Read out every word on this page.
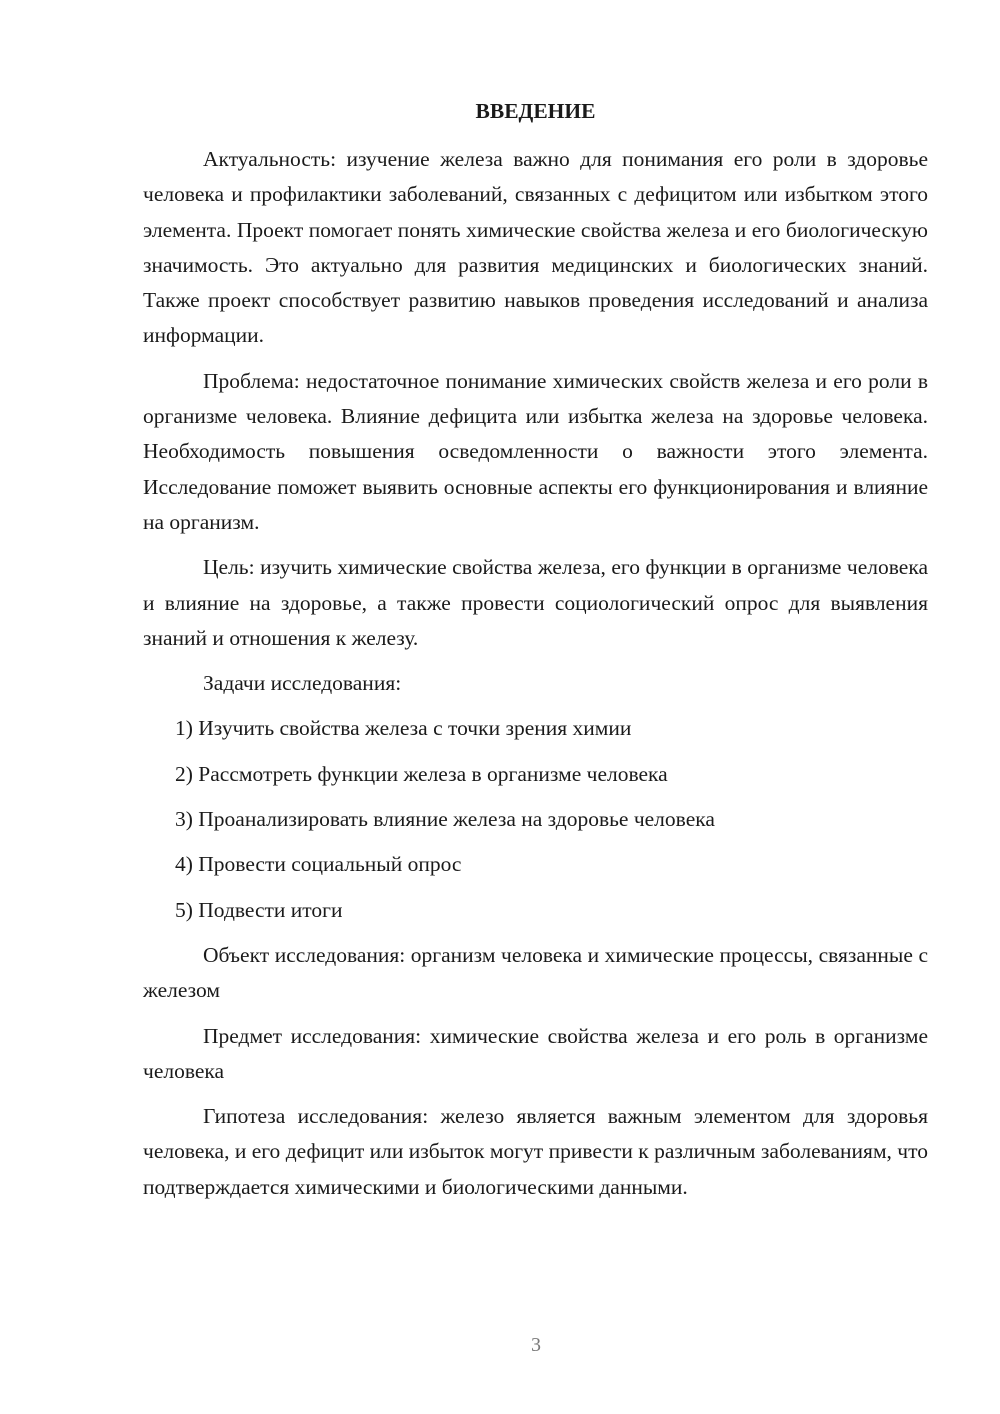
ВВЕДЕНИЕ

Актуальность: изучение железа важно для понимания его роли в здоровье человека и профилактики заболеваний, связанных с дефицитом или избытком этого элемента. Проект помогает понять химические свойства железа и его биологическую значимость. Это актуально для развития медицинских и биологических знаний. Также проект способствует развитию навыков проведения исследований и анализа информации.

Проблема: недостаточное понимание химических свойств железа и его роли в организме человека. Влияние дефицита или избытка железа на здоровье человека. Необходимость повышения осведомленности о важности этого элемента. Исследование поможет выявить основные аспекты его функционирования и влияние на организм.

Цель: изучить химические свойства железа, его функции в организме человека и влияние на здоровье, а также провести социологический опрос для выявления знаний и отношения к железу.

Задачи исследования:

1) Изучить свойства железа с точки зрения химии
2) Рассмотреть функции железа в организме человека
3) Проанализировать влияние железа на здоровье человека
4) Провести социальный опрос
5) Подвести итоги

Объект исследования: организм человека и химические процессы, связанные с железом

Предмет исследования: химические свойства железа и его роль в организме человека

Гипотеза исследования: железо является важным элементом для здоровья человека, и его дефицит или избыток могут привести к различным заболеваниям, что подтверждается химическими и биологическими данными.

3
